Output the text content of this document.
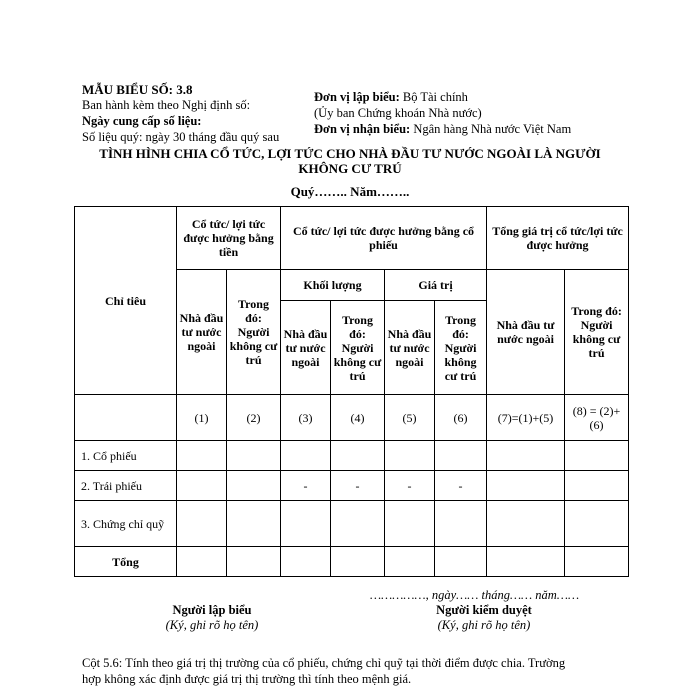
MẪU BIỂU SỐ: 3.8
Ban hành kèm theo Nghị định số:
Ngày cung cấp số liệu:
Số liệu quý: ngày 30 tháng đầu quý sau
Đơn vị lập biểu: Bộ Tài chính
(Ủy ban Chứng khoán Nhà nước)
Đơn vị nhận biểu: Ngân hàng Nhà nước Việt Nam
TÌNH HÌNH CHIA CỔ TỨC, LỢI TỨC CHO NHÀ ĐẦU TƯ NƯỚC NGOÀI LÀ NGƯỜI
KHÔNG CƯ TRÚ
Quý…….. Năm……..
Chỉ tiêu	Cổ tức/ lợi tức được hưởng bằng tiền		Cổ tức/ lợi tức được hưởng bằng cổ phiếu				Tổng giá trị cổ tức/lợi tức được hưởng	
	Nhà đầu tư nước ngoài	Trong đó: Người không cư trú	Khối lượng		Giá trị		Nhà đầu tư nước ngoài	Trong đó: Người không cư trú
			Nhà đầu tư nước ngoài	Trong đó: Người không cư trú	Nhà đầu tư nước ngoài	Trong đó: Người không cư trú		
	(1)	(2)	(3)	(4)	(5)	(6)	(7)=(1)+(5)	(8) = (2)+(6)
1. Cổ phiếu								
2. Trái phiếu			-	-	-	-		
3. Chứng chỉ quỹ								
Tổng								
……………, ngày…… tháng…… năm……
Người lập biểu
(Ký, ghi rõ họ tên)
Người kiểm duyệt
(Ký, ghi rõ họ tên)
Cột 5.6: Tính theo giá trị thị trường của cổ phiếu, chứng chỉ quỹ tại thời điểm được chia. Trường
hợp không xác định được giá trị thị trường thì tính theo mệnh giá.
